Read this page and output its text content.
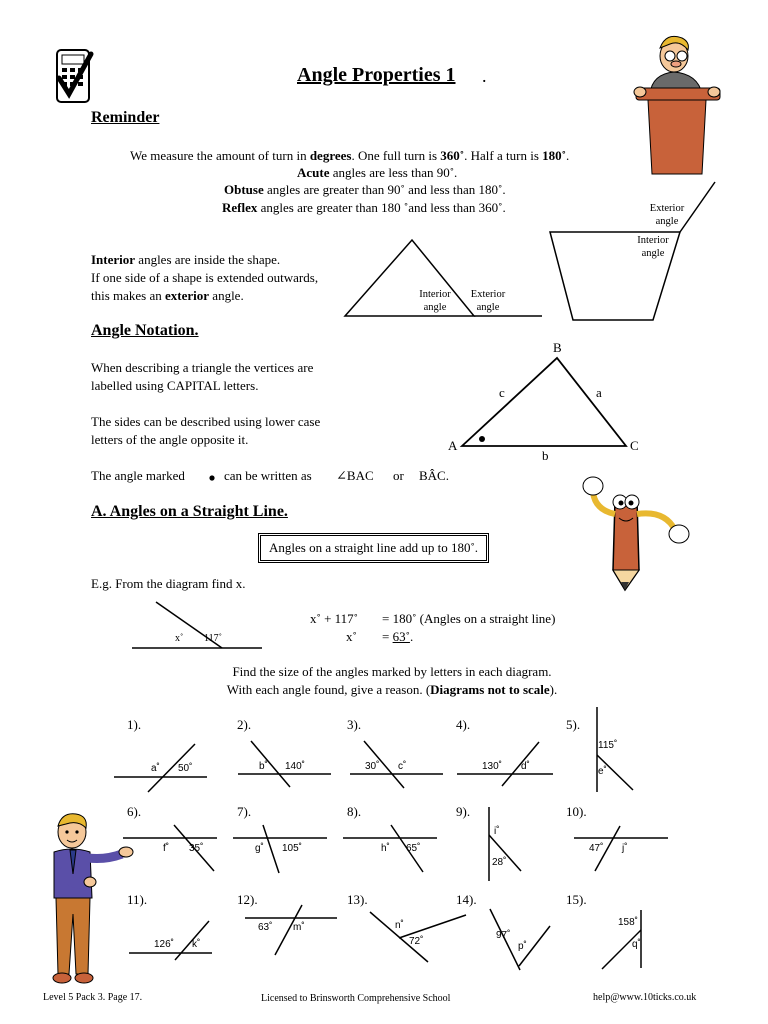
Angle Properties 1 .
Reminder
We measure the amount of turn in degrees. One full turn is 360˚. Half a turn is 180˚.
Acute angles are less than 90˚.
Obtuse angles are greater than 90˚ and less than 180˚.
Reflex angles are greater than 180 ˚and less than 360˚.
Interior angles are inside the shape.
If one side of a shape is extended outwards,
this makes an exterior angle.	Interior
angle
Exterior
angle
Exterior
angle
Interior
angle
Angle Notation.
When describing a triangle the vertices are
labelled using CAPITAL letters.
The sides can be described using lower case
letters of the angle opposite it.
The angle marked	can be written as ∠BAC or BÂC.
B
A	C
c	a
b
A. Angles on a Straight Line.
Angles on a straight line add up to 180˚.
E.g. From the diagram find x.
x˚ 117˚
x˚ + 117˚ = 180˚ (Angles on a straight line)
x˚ = 63˚.
Find the size of the angles marked by letters in each diagram.
With each angle found, give a reason. (Diagrams not to scale).
1).	2).	3).	4).	5).
6).	7).	8).	9).	10).
11).	12).	13).	14).	15).
a˚ 50˚	b˚ 140˚	30˚ c˚	130˚ d˚
115˚
e˚
f˚ 35˚	g˚ 105˚	h˚ 65˚
i˚
28˚
47˚ j˚
126˚ k˚
63˚ m˚	n˚
72˚
97˚
p˚
158˚
q˚
Level 5 Pack 3. Page 17.	Licensed to Brinsworth Comprehensive School	help@www.10ticks.co.uk
